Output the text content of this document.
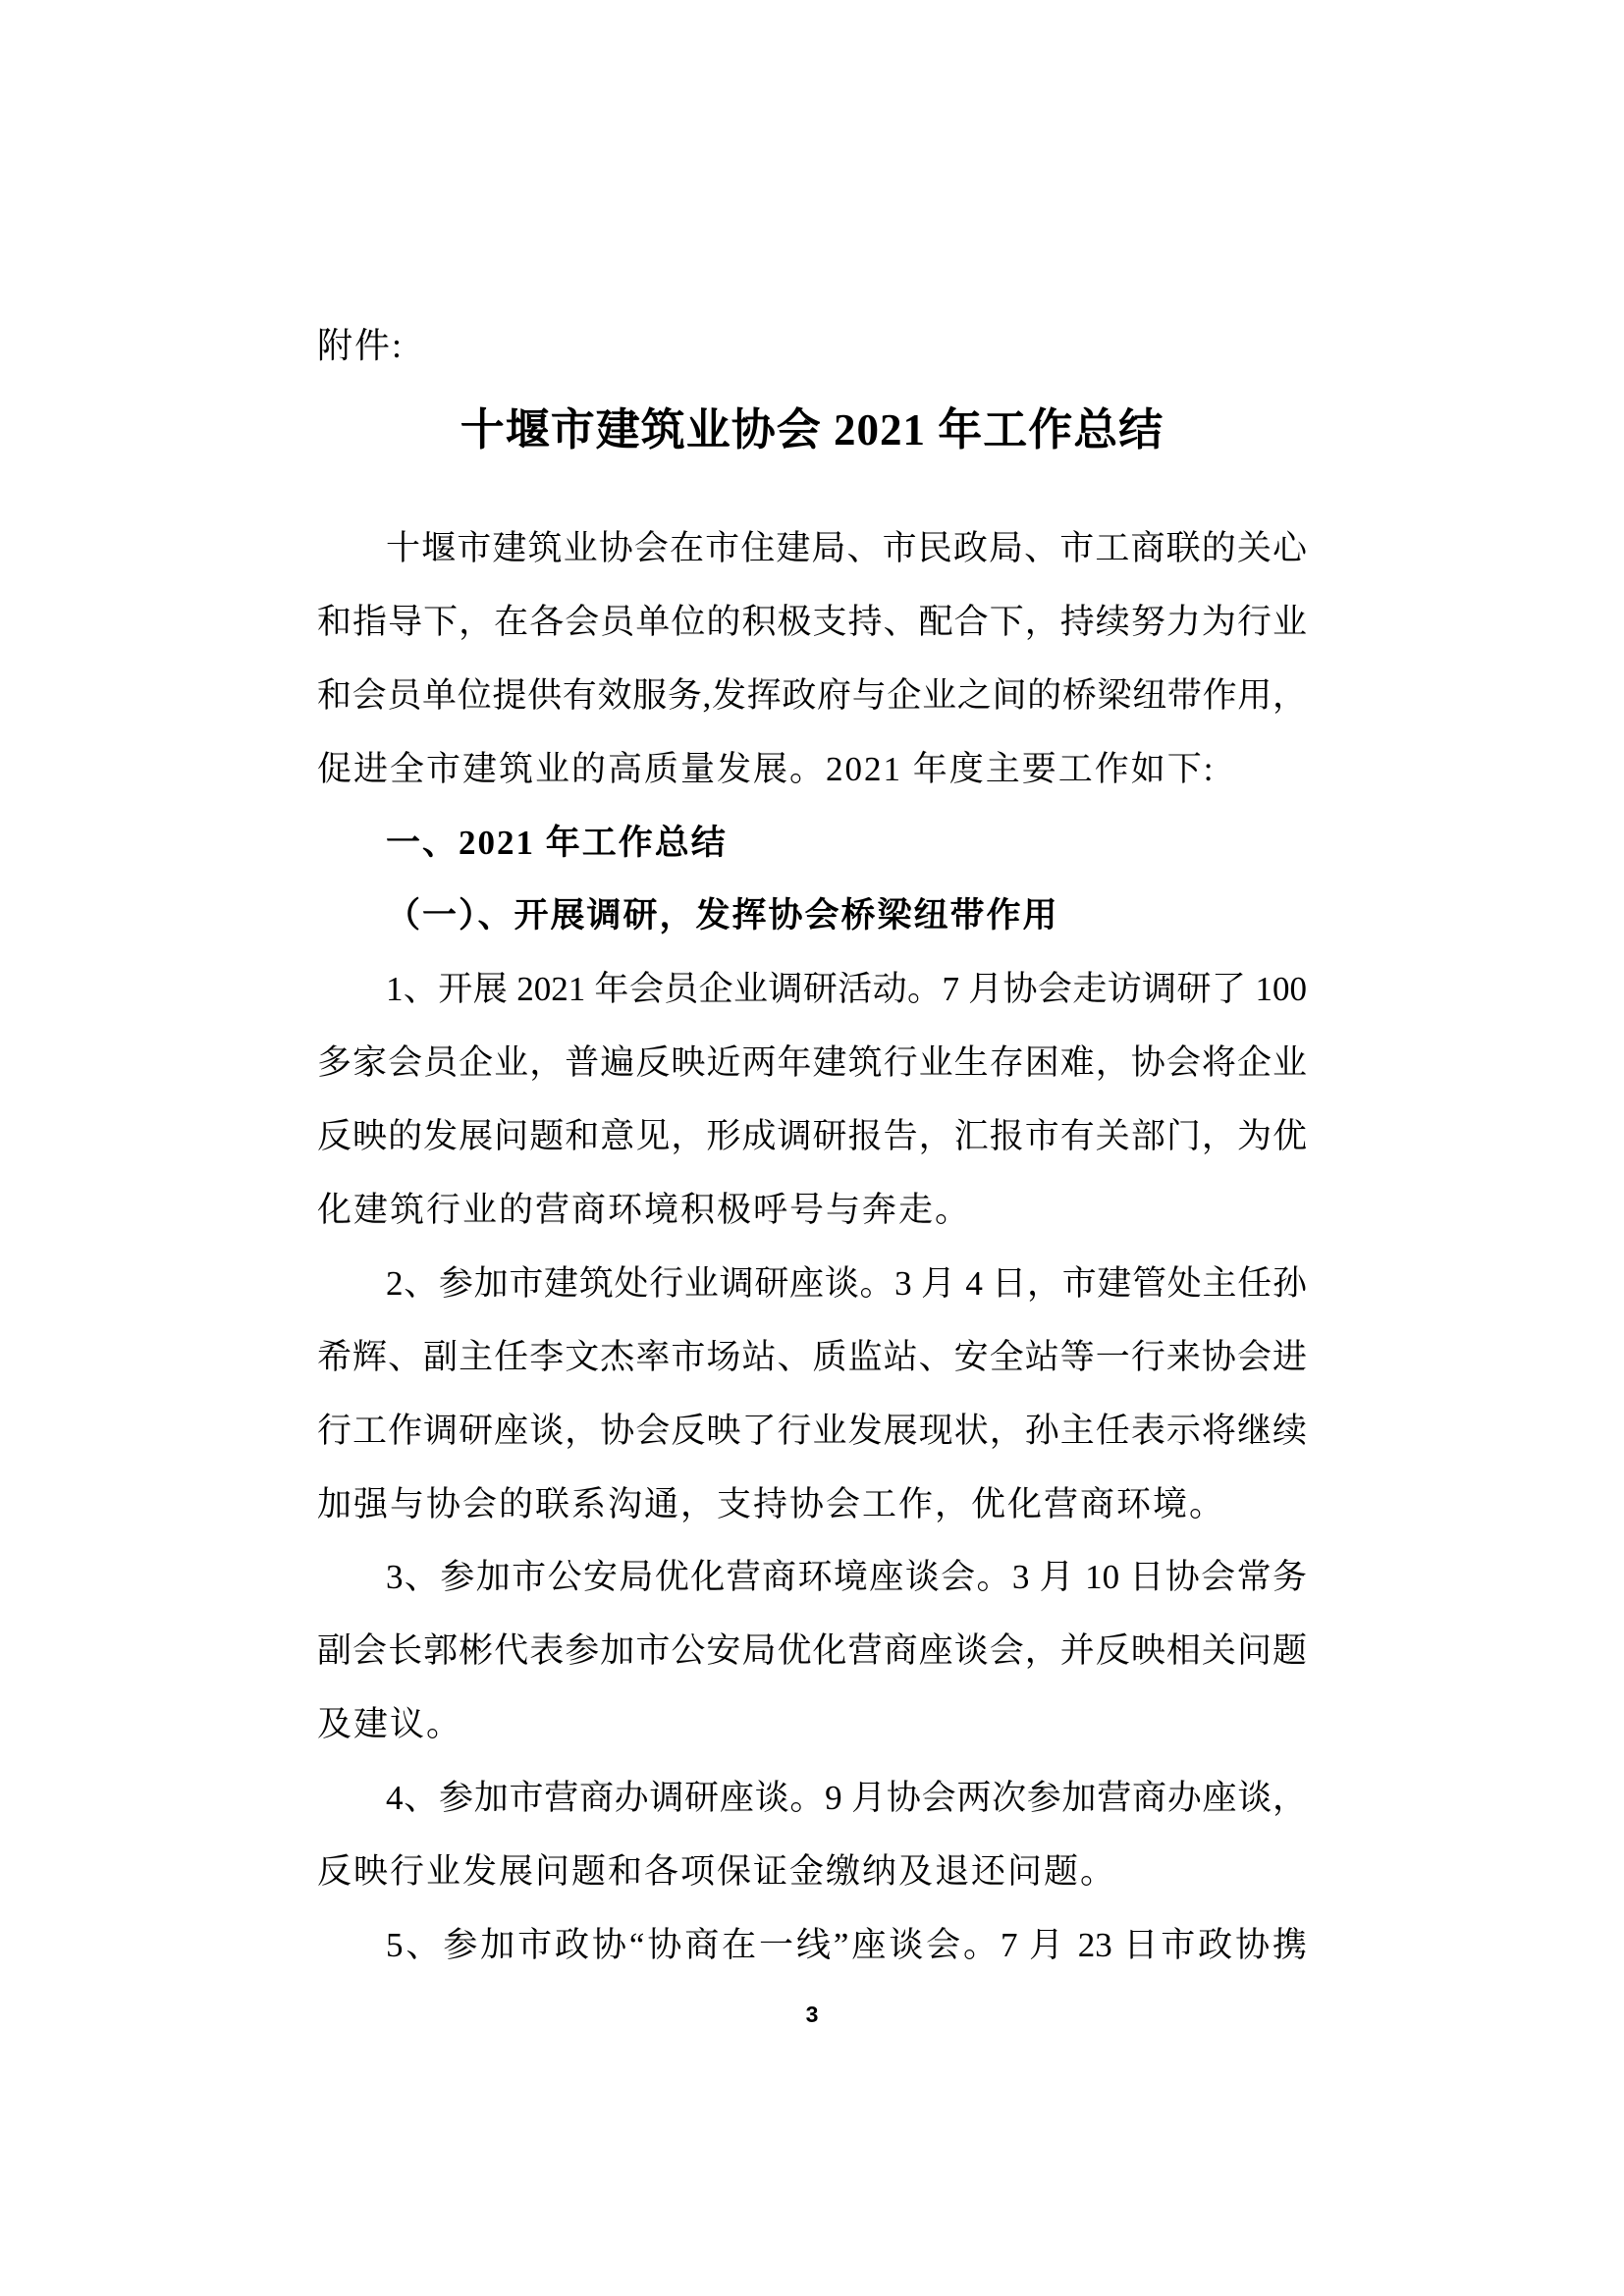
附件:
十堰市建筑业协会 2021 年工作总结
十堰市建筑业协会在市住建局、市民政局、市工商联的关心
和指导下，在各会员单位的积极支持、配合下，持续努力为行业
和会员单位提供有效服务,发挥政府与企业之间的桥梁纽带作用，
促进全市建筑业的高质量发展。2021 年度主要工作如下:
一、2021 年工作总结
（一）、开展调研，发挥协会桥梁纽带作用
1、开展 2021 年会员企业调研活动。7 月协会走访调研了 100
多家会员企业，普遍反映近两年建筑行业生存困难，协会将企业
反映的发展问题和意见，形成调研报告，汇报市有关部门，为优
化建筑行业的营商环境积极呼号与奔走。
2、参加市建筑处行业调研座谈。3 月 4 日，市建管处主任孙
希辉、副主任李文杰率市场站、质监站、安全站等一行来协会进
行工作调研座谈，协会反映了行业发展现状，孙主任表示将继续
加强与协会的联系沟通，支持协会工作，优化营商环境。
3、参加市公安局优化营商环境座谈会。3 月 10 日协会常务
副会长郭彬代表参加市公安局优化营商座谈会，并反映相关问题
及建议。
4、参加市营商办调研座谈。9 月协会两次参加营商办座谈，
反映行业发展问题和各项保证金缴纳及退还问题。
5、参加市政协“协商在一线”座谈会。7 月 23 日市政协携
3
